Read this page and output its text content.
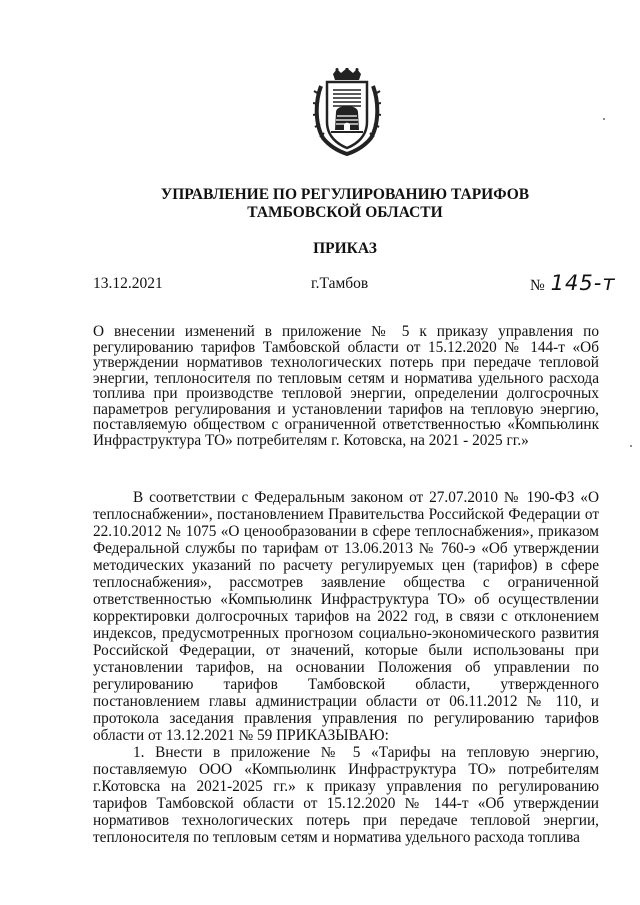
УПРАВЛЕНИЕ ПО РЕГУЛИРОВАНИЮ ТАРИФОВ
ТАМБОВСКОЙ ОБЛАСТИ
ПРИКАЗ
13.12.2021	г.Тамбов	№ 145-т
О внесении изменений в приложение № 5 к приказу управления по регулированию тарифов Тамбовской области от 15.12.2020 № 144-т «Об утверждении нормативов технологических потерь при передаче тепловой энергии, теплоносителя по тепловым сетям и норматива удельного расхода топлива при производстве тепловой энергии, определении долгосрочных параметров регулирования и установлении тарифов на тепловую энергию, поставляемую обществом с ограниченной ответственностью «Компьюлинк Инфраструктура ТО» потребителям г. Котовска, на 2021 - 2025 гг.»

В соответствии с Федеральным законом от 27.07.2010 № 190-ФЗ «О теплоснабжении», постановлением Правительства Российской Федерации от 22.10.2012 № 1075 «О ценообразовании в сфере теплоснабжения», приказом Федеральной службы по тарифам от 13.06.2013 № 760-э «Об утверждении методических указаний по расчету регулируемых цен (тарифов) в сфере теплоснабжения», рассмотрев заявление общества с ограниченной ответственностью «Компьюлинк Инфраструктура ТО» об осуществлении корректировки долгосрочных тарифов на 2022 год, в связи с отклонением индексов, предусмотренных прогнозом социально-экономического развития Российской Федерации, от значений, которые были использованы при установлении тарифов, на основании Положения об управлении по регулированию тарифов Тамбовской области, утвержденного постановлением главы администрации области от 06.11.2012 № 110, и протокола заседания правления управления по регулированию тарифов области от 13.12.2021 № 59 ПРИКАЗЫВАЮ:

1. Внести в приложение № 5 «Тарифы на тепловую энергию, поставляемую ООО «Компьюлинк Инфраструктура ТО» потребителям г.Котовска на 2021-2025 гг.» к приказу управления по регулированию тарифов Тамбовской области от 15.12.2020 № 144-т «Об утверждении нормативов технологических потерь при передаче тепловой энергии, теплоносителя по тепловым сетям и норматива удельного расхода топлива
